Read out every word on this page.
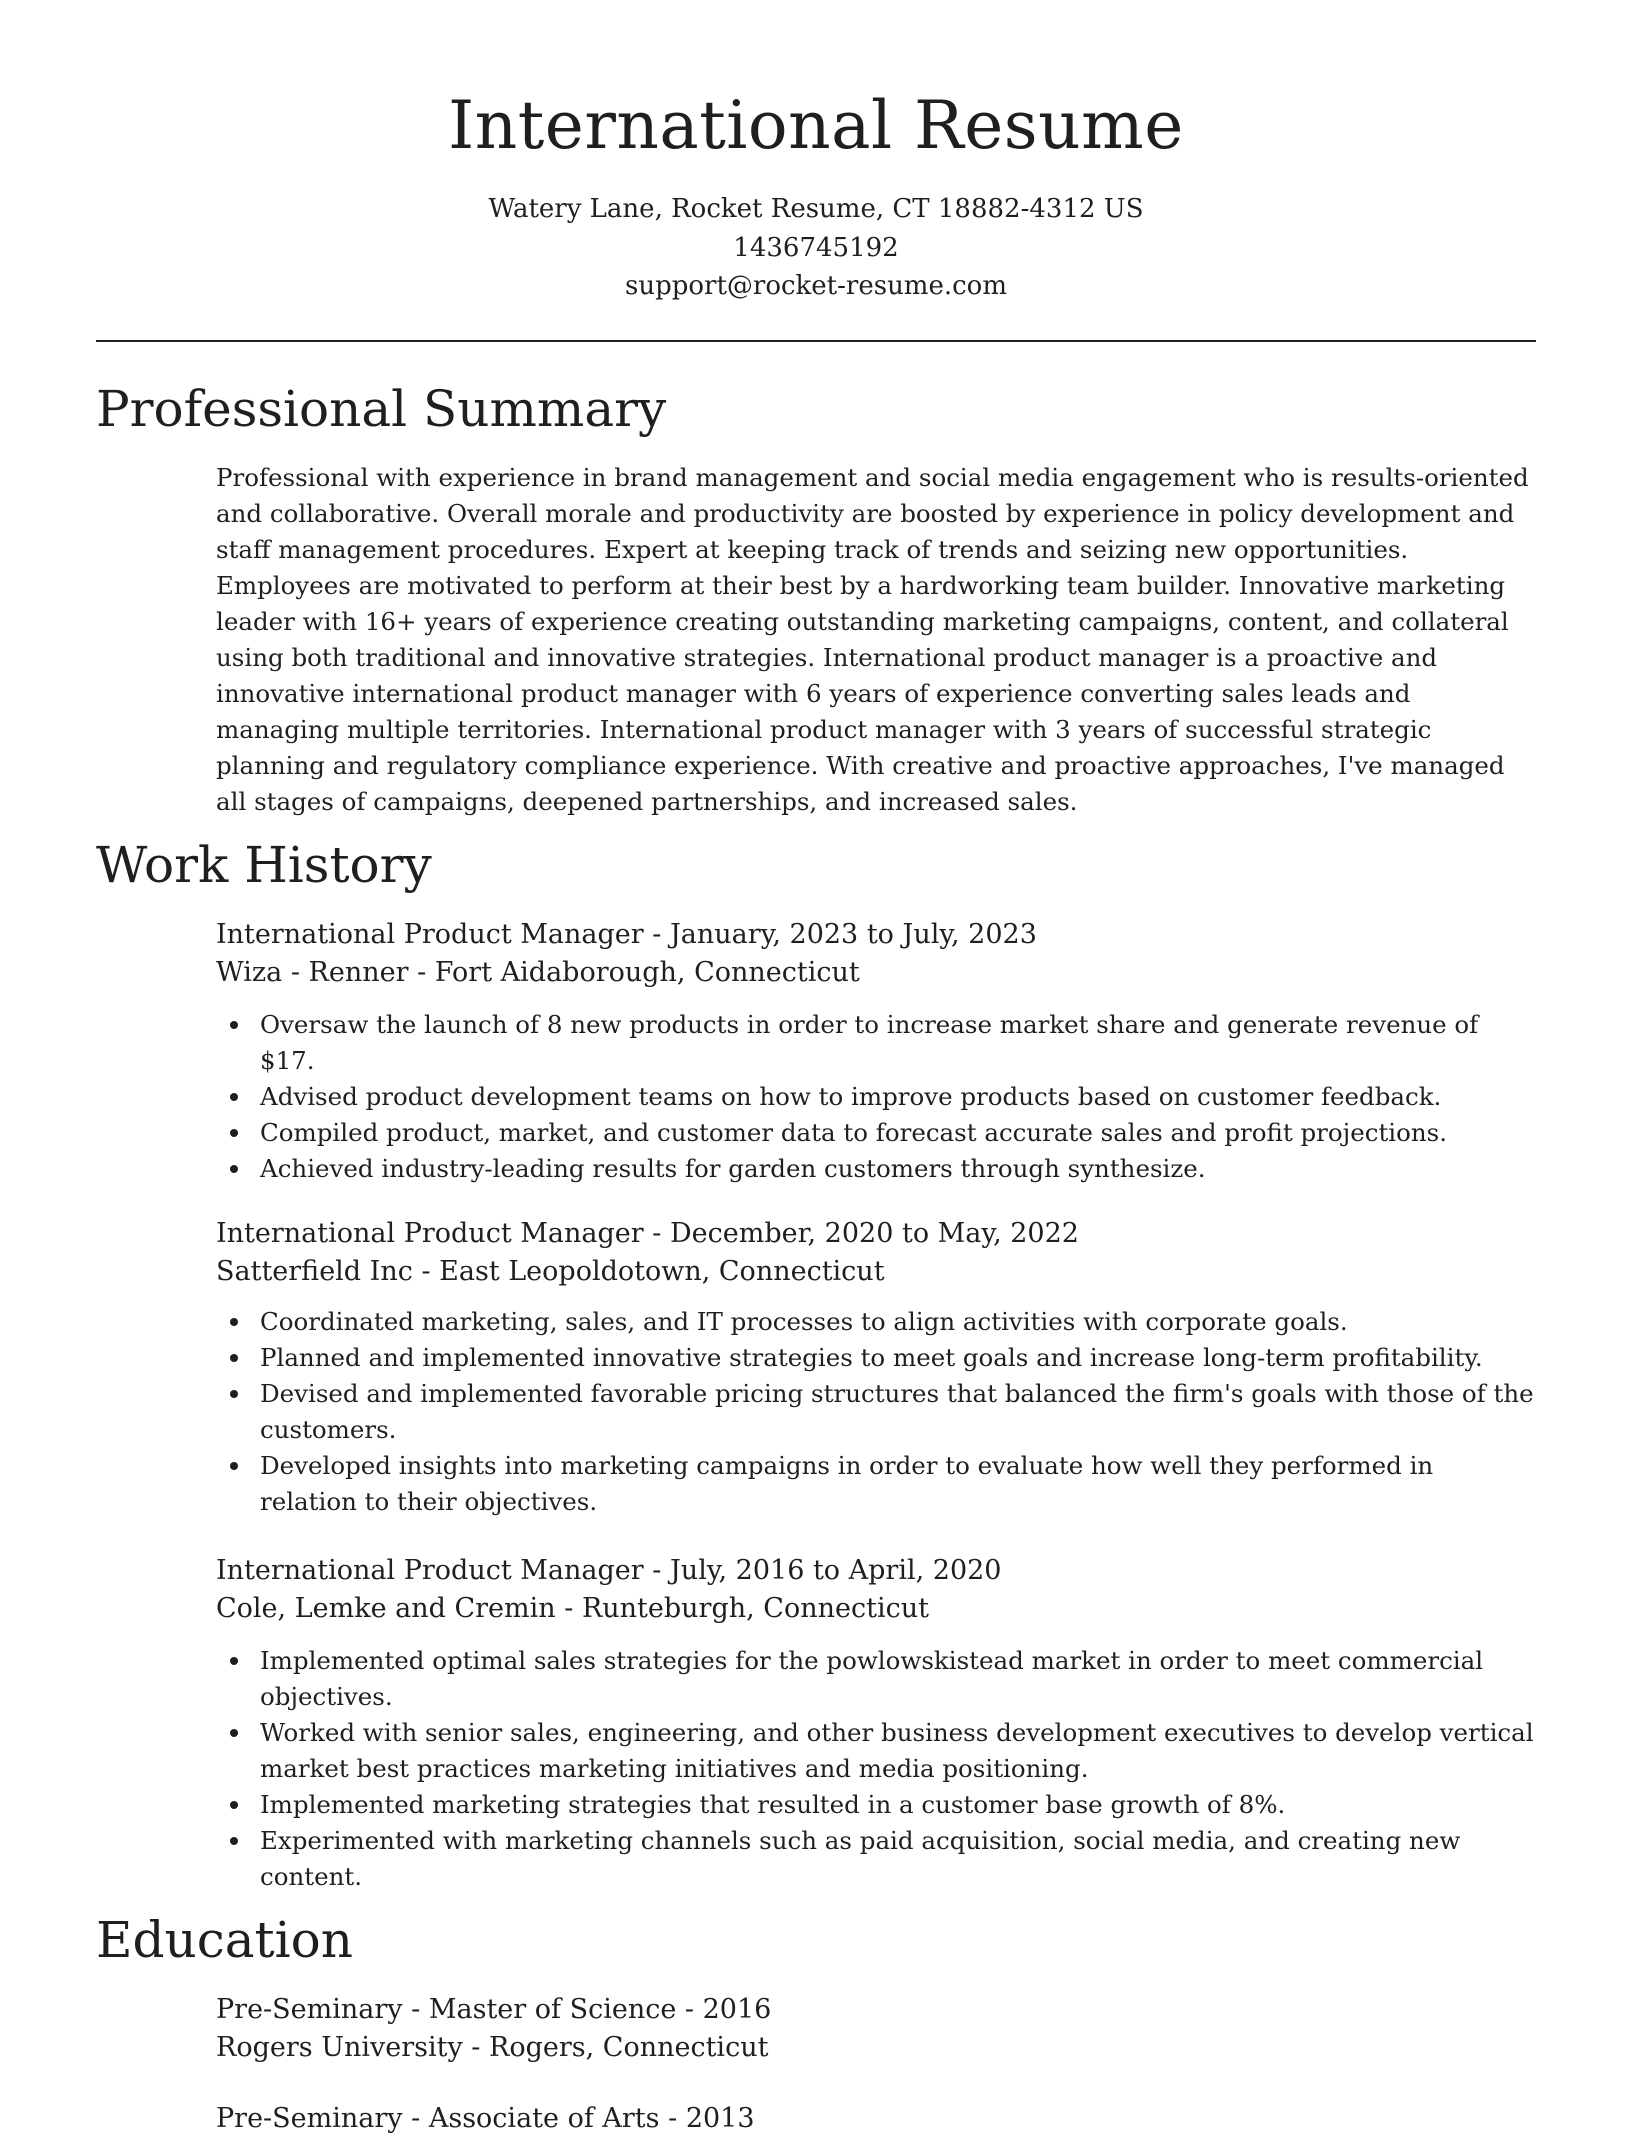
International Resume
Watery Lane, Rocket Resume, CT 18882-4312 US
1436745192
support@rocket-resume.com
Professional Summary

Professional with experience in brand management and social media engagement who is results-oriented and collaborative. Overall morale and productivity are boosted by experience in policy development and staff management procedures. Expert at keeping track of trends and seizing new opportunities. Employees are motivated to perform at their best by a hardworking team builder. Innovative marketing leader with 16+ years of experience creating outstanding marketing campaigns, content, and collateral using both traditional and innovative strategies. International product manager is a proactive and innovative international product manager with 6 years of experience converting sales leads and managing multiple territories. International product manager with 3 years of successful strategic planning and regulatory compliance experience. With creative and proactive approaches, I've managed all stages of campaigns, deepened partnerships, and increased sales.

Work History
International Product Manager - January, 2023 to July, 2023
Wiza - Renner - Fort Aidaborough, Connecticut
Oversaw the launch of 8 new products in order to increase market share and generate revenue of $17.
Advised product development teams on how to improve products based on customer feedback.
Compiled product, market, and customer data to forecast accurate sales and profit projections.
Achieved industry-leading results for garden customers through synthesize.
International Product Manager - December, 2020 to May, 2022
Satterfield Inc - East Leopoldotown, Connecticut
Coordinated marketing, sales, and IT processes to align activities with corporate goals.
Planned and implemented innovative strategies to meet goals and increase long-term profitability.
Devised and implemented favorable pricing structures that balanced the firm's goals with those of the customers.
Developed insights into marketing campaigns in order to evaluate how well they performed in relation to their objectives.
International Product Manager - July, 2016 to April, 2020
Cole, Lemke and Cremin - Runteburgh, Connecticut
Implemented optimal sales strategies for the powlowskistead market in order to meet commercial objectives.
Worked with senior sales, engineering, and other business development executives to develop vertical market best practices marketing initiatives and media positioning.
Implemented marketing strategies that resulted in a customer base growth of 8%.
Experimented with marketing channels such as paid acquisition, social media, and creating new content.
Education
Pre-Seminary - Master of Science - 2016
Rogers University - Rogers, Connecticut
Pre-Seminary - Associate of Arts - 2013
